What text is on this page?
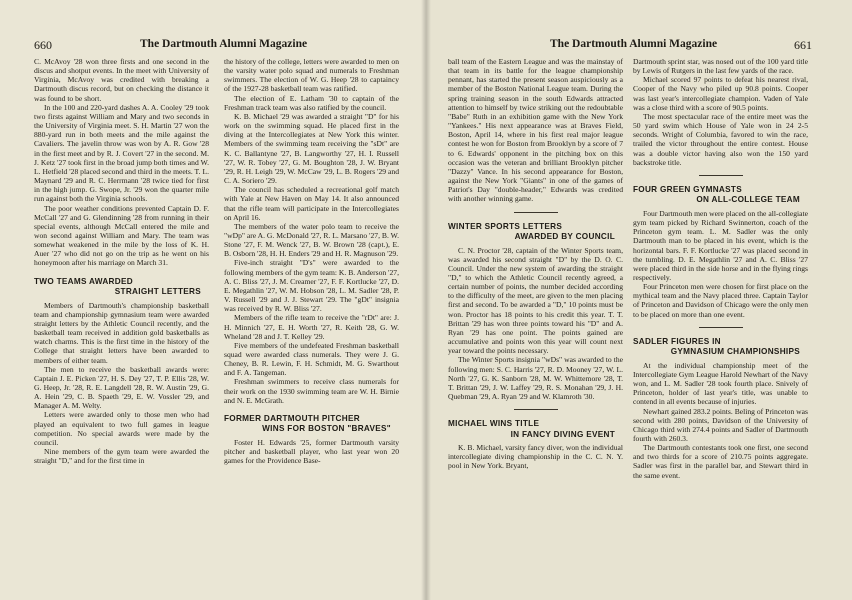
660	The Dartmouth Alumni Magazine

C. McAvoy '28 won three firsts and one second in the discus and shotput events. In the meet with University of Virginia, McAvoy was credited with breaking a Dartmouth discus record, but on checking the distance it was found to be short.

In the 100 and 220-yard dashes A. A. Cooley '29 took two firsts against William and Mary and two seconds in the University of Virginia meet. S. H. Martin '27 won the 880-yard run in both meets and the mile against the Cavaliers. The javelin throw was won by A. R. Gow '28 in the first meet and by R. J. Covert '27 in the second. M. J. Ketz '27 took first in the broad jump both times and W. L. Hetfield '28 placed second and third in the meets. T. L. Maynard '29 and R. C. Herrmann '28 twice tied for first in the high jump. G. Swope, Jr. '29 won the quarter mile run against both the Virginia schools.

The poor weather conditions prevented Captain D. F. McCall '27 and G. Glendinning '28 from running in their special events, although McCall entered the mile and won second against William and Mary. The team was somewhat weakened in the mile by the loss of K. H. Auer '27 who did not go on the trip as he went on his honeymoon after his marriage on March 31.

TWO TEAMS AWARDED
STRAIGHT LETTERS

Members of Dartmouth's championship basketball team and championship gymnasium team were awarded straight letters by the Athletic Council recently, and the basketball team received in addition gold basketballs as watch charms. This is the first time in the history of the College that straight letters have been awarded to members of either team.

The men to receive the basketball awards were: Captain J. E. Picken '27, H. S. Dey '27, T. P. Ellis '28, W. G. Heep, Jr. '28, R. E. Langdell '28, R. W. Austin '29, G. A. Hein '29, C. B. Spaeth '29, E. W. Vossler '29, and Manager A. M. Welty.

Letters were awarded only to those men who had played an equivalent to two full games in league competition. No special awards were made by the council.

Nine members of the gym team were awarded the straight "D," and for the first time in

the history of the college, letters were awarded to men on the varsity water polo squad and numerals to Freshman swimmers. The election of W. G. Heep '28 to captaincy of the 1927-28 basketball team was ratified.

The election of E. Latham '30 to captain of the Freshman track team was also ratified by the council.

K. B. Michael '29 was awarded a straight "D" for his work on the swimming squad. He placed first in the diving at the Intercollegiates at New York this winter. Members of the swimming team receiving the "sDt" are K. C. Ballantyne '27, B. Langworthy '27, H. I. Russell '27, W. R. Tobey '27, G. M. Boughton '28, J. W. Bryant '29, R. H. Leigh '29, W. McCaw '29, L. B. Rogers '29 and C. A. Soriero '29.

The council has scheduled a recreational golf match with Yale at New Haven on May 14. It also announced that the rifle team will participate in the Intercollegiates on April 16.

The members of the water polo team to receive the "wDp" are A. G. McDonald '27, R. L. Marsano '27, B. W. Stone '27, F. M. Wenck '27, B. W. Brown '28 (capt.), E. B. Osborn '28, H. H. Enders '29 and H. R. Magnuson '29.

Five-inch straight "D's" were awarded to the following members of the gym team: K. B. Anderson '27, A. C. Bliss '27, J. M. Creamer '27, F. F. Kortlucke '27, D. E. Megathlin '27, W. M. Hobson '28, L. M. Sadler '28, P. V. Russell '29 and J. J. Stewart '29. The "gDt" insignia was received by R. W. Bliss '27.

Members of the rifle team to receive the "rDt" are: J. H. Minnich '27, E. H. Worth '27, R. Keith '28, G. W. Wheland '28 and J. T. Kelley '29.

Five members of the undefeated Freshman basketball squad were awarded class numerals. They were J. G. Cheney, B. R. Lewin, F. H. Schmidt, M. G. Swarthout and F. A. Tangeman.

Freshman swimmers to receive class numerals for their work on the 1930 swimming team are W. H. Birnie and N. E. McGrath.

FORMER DARTMOUTH PITCHER
WINS FOR BOSTON "BRAVES"

Foster H. Edwards '25, former Dartmouth varsity pitcher and basketball player, who last year won 20 games for the Providence Base-

The Dartmouth Alumni Magazine	661

ball team of the Eastern League and was the mainstay of that team in its battle for the league championship pennant, has started the present season auspiciously as a member of the Boston National League team. During the spring training season in the south Edwards attracted attention to himself by twice striking out the redoubtable "Babe" Ruth in an exhibition game with the New York "Yankees." His next appearance was at Braves Field, Boston, April 14, where in his first real major league contest he won for Boston from Brooklyn by a score of 7 to 6. Edwards' opponent in the pitching box on this occasion was the veteran and brilliant Brooklyn pitcher "Dazzy" Vance. In his second appearance for Boston, against the New York "Giants" in one of the games of Patriot's Day "double-header," Edwards was credited with another winning game.

WINTER SPORTS LETTERS
AWARDED BY COUNCIL

C. N. Proctor '28, captain of the Winter Sports team, was awarded his second straight "D" by the D. O. C. Council. Under the new system of awarding the straight "D," to which the Athletic Council recently agreed, a certain number of points, the number decided according to the difficulty of the meet, are given to the men placing first and second. To be awarded a "D," 10 points must be won. Proctor has 18 points to his credit this year. T. T. Brittan '29 has won three points toward his "D" and A. Ryan '29 has one point. The points gained are accumulative and points won this year will count next year toward the points necessary.

The Winter Sports insignia "wDs" was awarded to the following men: S. C. Harris '27, R. D. Mooney '27, W. L. North '27, G. K. Sanborn '28, M. W. Whittemore '28, T. T. Brittan '29, J. W. Laffey '29, R. S. Monahan '29, J. H. Quebman '29, A. Ryan '29 and W. Klamroth '30.

MICHAEL WINS TITLE
IN FANCY DIVING EVENT

K. B. Michael, varsity fancy diver, won the individual intercollegiate diving championship in the C. C. N. Y. pool in New York. Bryant,

Dartmouth sprint star, was nosed out of the 100 yard title by Lewis of Rutgers in the last few yards of the race.

Michael scored 97 points to defeat his nearest rival, Cooper of the Navy who piled up 90.8 points. Cooper was last year's intercollegiate champion. Vaden of Yale was a close third with a score of 90.5 points.

The most spectacular race of the entire meet was the 50 yard swim which House of Yale won in 24 2-5 seconds. Wright of Columbia, favored to win the race, trailed the victor throughout the entire contest. House was a double victor having also won the 150 yard backstroke title.

FOUR GREEN GYMNASTS
ON ALL-COLLEGE TEAM

Four Dartmouth men were placed on the all-collegiate gym team picked by Richard Swinnerton, coach of the Princeton gym team. L. M. Sadler was the only Dartmouth man to be placed in his event, which is the horizontal bars. F. F. Kortlucke '27 was placed second in the tumbling. D. E. Megathlin '27 and A. C. Bliss '27 were placed third in the side horse and in the flying rings respectively.

Four Princeton men were chosen for first place on the mythical team and the Navy placed three. Captain Taylor of Princeton and Davidson of Chicago were the only men to be placed on more than one event.

SADLER FIGURES IN
GYMNASIUM CHAMPIONSHIPS

At the individual championship meet of the Intercollegiate Gym League Harold Newhart of the Navy won, and L. M. Sadler '28 took fourth place. Snively of Princeton, holder of last year's title, was unable to contend in all events because of injuries.

Newhart gained 283.2 points. Beling of Princeton was second with 280 points, Davidson of the University of Chicago third with 274.4 points and Sadler of Dartmouth fourth with 260.3.

The Dartmouth contestants took one first, one second and two thirds for a score of 210.75 points aggregate. Sadler was first in the parallel bar, and Stewart third in the same event.
